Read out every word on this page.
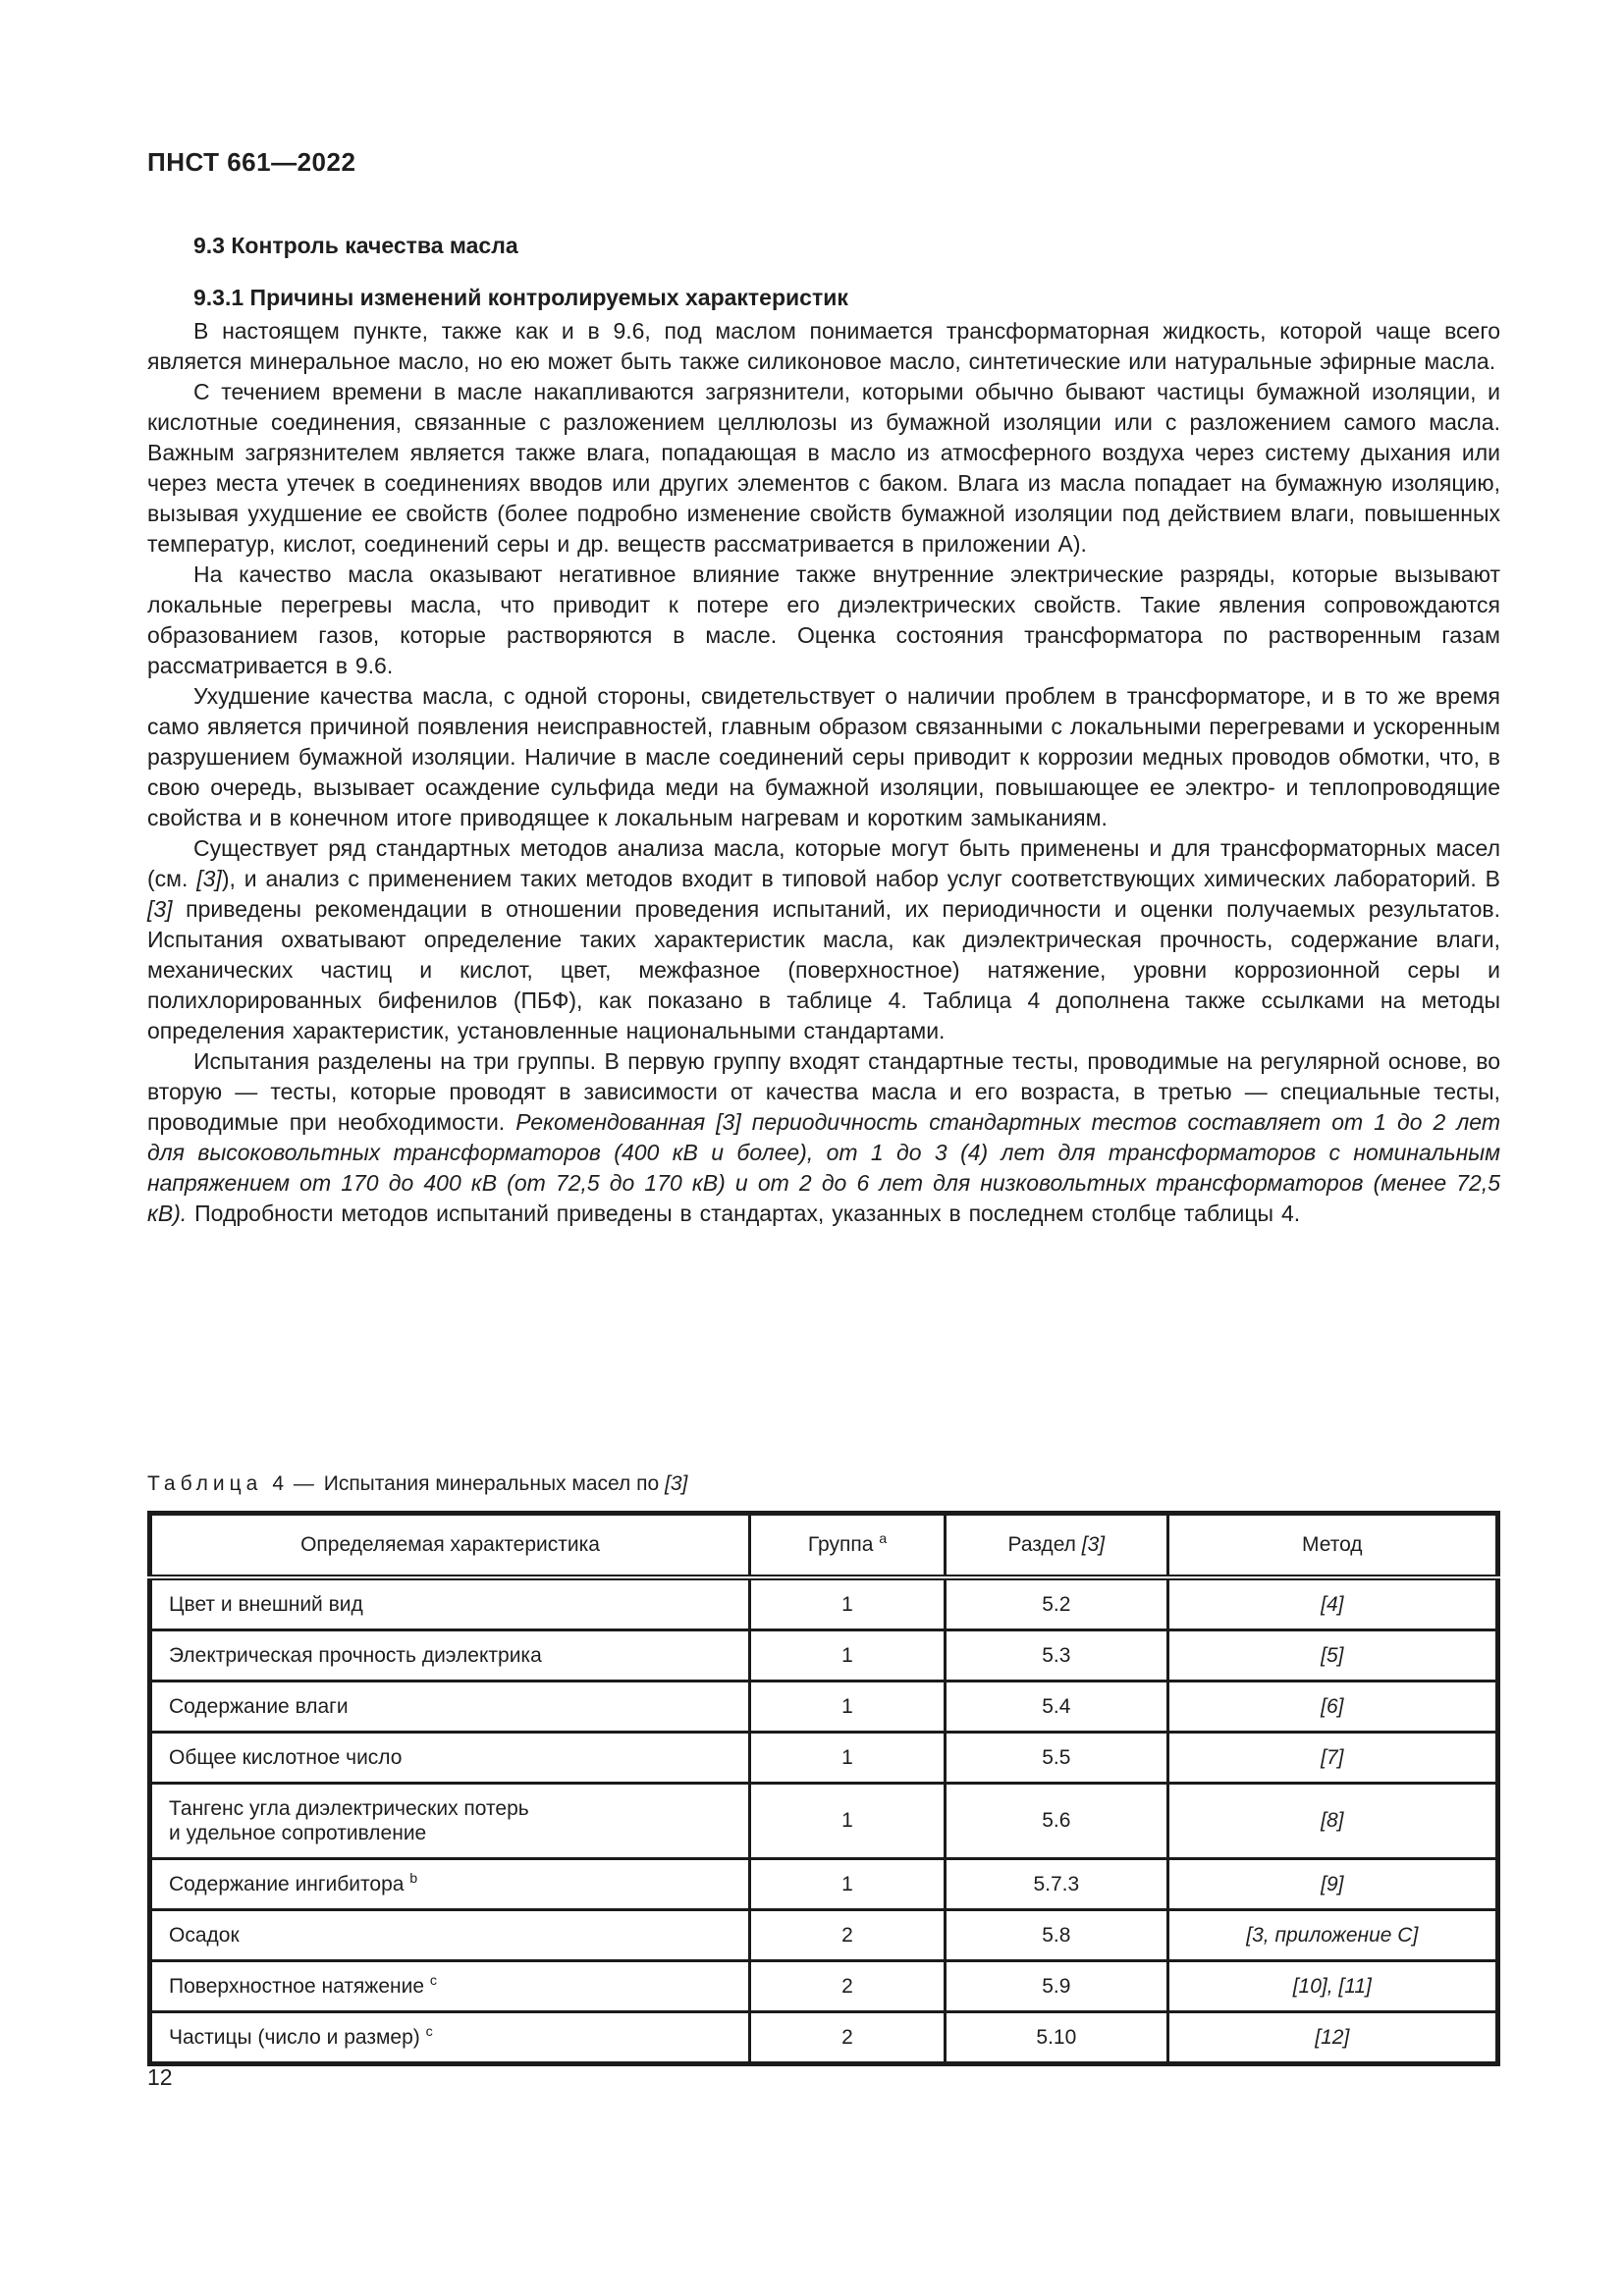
ПНСТ 661—2022
9.3 Контроль качества масла
9.3.1 Причины изменений контролируемых характеристик

В настоящем пункте, также как и в 9.6, под маслом понимается трансформаторная жидкость, которой чаще всего является минеральное масло, но ею может быть также силиконовое масло, синтетические или натуральные эфирные масла.

С течением времени в масле накапливаются загрязнители, которыми обычно бывают частицы бумажной изоляции, и кислотные соединения, связанные с разложением целлюлозы из бумажной изоляции или с разложением самого масла. Важным загрязнителем является также влага, попадающая в масло из атмосферного воздуха через систему дыхания или через места утечек в соединениях вводов или других элементов с баком. Влага из масла попадает на бумажную изоляцию, вызывая ухудшение ее свойств (более подробно изменение свойств бумажной изоляции под действием влаги, повышенных температур, кислот, соединений серы и др. веществ рассматривается в приложении А).

На качество масла оказывают негативное влияние также внутренние электрические разряды, которые вызывают локальные перегревы масла, что приводит к потере его диэлектрических свойств. Такие явления сопровождаются образованием газов, которые растворяются в масле. Оценка состояния трансформатора по растворенным газам рассматривается в 9.6.

Ухудшение качества масла, с одной стороны, свидетельствует о наличии проблем в трансформаторе, и в то же время само является причиной появления неисправностей, главным образом связанными с локальными перегревами и ускоренным разрушением бумажной изоляции. Наличие в масле соединений серы приводит к коррозии медных проводов обмотки, что, в свою очередь, вызывает осаждение сульфида меди на бумажной изоляции, повышающее ее электро- и теплопроводящие свойства и в конечном итоге приводящее к локальным нагревам и коротким замыканиям.

Существует ряд стандартных методов анализа масла, которые могут быть применены и для трансформаторных масел (см. [3]), и анализ с применением таких методов входит в типовой набор услуг соответствующих химических лабораторий. В [3] приведены рекомендации в отношении проведения испытаний, их периодичности и оценки получаемых результатов. Испытания охватывают определение таких характеристик масла, как диэлектрическая прочность, содержание влаги, механических частиц и кислот, цвет, межфазное (поверхностное) натяжение, уровни коррозионной серы и полихлорированных бифенилов (ПБФ), как показано в таблице 4. Таблица 4 дополнена также ссылками на методы определения характеристик, установленные национальными стандартами.

Испытания разделены на три группы. В первую группу входят стандартные тесты, проводимые на регулярной основе, во вторую — тесты, которые проводят в зависимости от качества масла и его возраста, в третью — специальные тесты, проводимые при необходимости. Рекомендованная [3] периодичность стандартных тестов составляет от 1 до 2 лет для высоковольтных трансформаторов (400 кВ и более), от 1 до 3 (4) лет для трансформаторов с номинальным напряжением от 170 до 400 кВ (от 72,5 до 170 кВ) и от 2 до 6 лет для низковольтных трансформаторов (менее 72,5 кВ). Подробности методов испытаний приведены в стандартах, указанных в последнем столбце таблицы 4.

Таблица 4 — Испытания минеральных масел по [3]

Определяемая характеристика	Группа $^a$	Раздел [3]	Метод
Цвет и внешний вид	1	5.2	[4]
Электрическая прочность диэлектрика	1	5.3	[5]
Содержание влаги	1	5.4	[6]
Общее кислотное число	1	5.5	[7]
Тангенс угла диэлектрических потерь
и удельное сопротивление	1	5.6	[8]
Содержание ингибитора $^b$	1	5.7.3	[9]
Осадок	2	5.8	[3, приложение С]
Поверхностное натяжение $^c$	2	5.9	[10], [11]
Частицы (число и размер) $^c$	2	5.10	[12]
12
